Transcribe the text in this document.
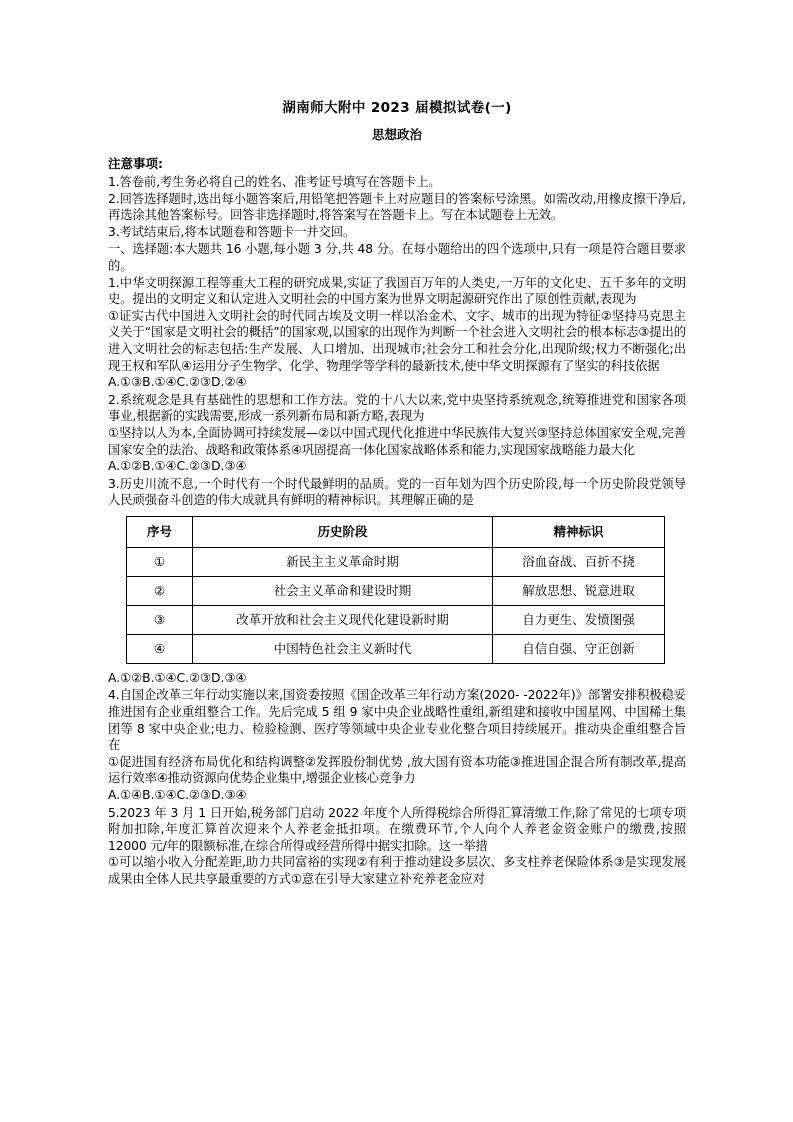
湖南师大附中 2023 届模拟试卷(一)
思想政治
注意事项:

1.答卷前,考生务必将自己的姓名、准考证号填写在答题卡上。

2.回答选择题时,选出每小题答案后,用铅笔把答题卡上对应题目的答案标号涂黑。如需改动,用橡皮擦干净后,再选涂其他答案标号。回答非选择题时,将答案写在答题卡上。写在本试题卷上无效。

3.考试结束后,将本试题卷和答题卡一并交回。

一、选择题:本大题共 16 小题,每小题 3 分,共 48 分。在每小题给出的四个选项中,只有一项是符合题目要求的。

1.中华文明探源工程等重大工程的研究成果,实证了我国百万年的人类史,一万年的文化史、五千多年的文明史。提出的文明定义和认定进入文明社会的中国方案为世界文明起源研究作出了原创性贡献,表现为

①证实古代中国进入文明社会的时代同古埃及文明一样以冶金术、文字、城市的出现为特征②坚持马克思主义关于“国家是文明社会的概括”的国家观,以国家的出现作为判断一个社会进入文明社会的根本标志③提出的进入文明社会的标志包括:生产发展、人口增加、出现城市;社会分工和社会分化,出现阶级;权力不断强化;出现王权和军队④运用分子生物学、化学、物理学等学科的最新技术,使中华文明探源有了坚实的科技依据

A.①③B.①④C.②③D.②④

2.系统观念是具有基础性的思想和工作方法。党的十八大以来,党中央坚持系统观念,统筹推进党和国家各项事业,根据新的实践需要,形成一系列新布局和新方略,表现为

①坚持以人为本,全面协调可持续发展—②以中国式现代化推进中华民族伟大复兴③坚持总体国家安全观,完善国家安全的法治、战略和政策体系④巩固提高一体化国家战略体系和能力,实现国家战略能力最大化

A.①②B.①④C.②③D.③④

3.历史川流不息,一个时代有一个时代最鲜明的品质。党的一百年划为四个历史阶段,每一个历史阶段党领导人民顽强奋斗创造的伟大成就具有鲜明的精神标识。其理解正确的是

序号	历史阶段	精神标识
①	新民主主义革命时期	浴血奋战、百折不挠
②	社会主义革命和建设时期	解放思想、锐意进取
③	改革开放和社会主义现代化建设新时期	自力更生、发愤图强
④	中国特色社会主义新时代	自信自强、守正创新

A.①②B.①④C.②③D.③④

4.自国企改革三年行动实施以来,国资委按照《国企改革三年行动方案(2020- -2022年)》部署安排积极稳妥推进国有企业重组整合工作。先后完成 5 组 9 家中央企业战略性重组,新组建和接收中国星网、中国稀土集团等 8 家中央企业;电力、检验检测、医疗等领域中央企业专业化整合项目持续展开。推动央企重组整合旨在

①促进国有经济布局优化和结构调整②发挥股份制优势 ,放大国有资本功能③推进国企混合所有制改革,提高运行效率④推动资源向优势企业集中,增强企业核心竞争力

A.①④B.①④C.②③D.③④

5.2023 年 3 月 1 日开始,税务部门启动 2022 年度个人所得税综合所得汇算清缴工作,除了常见的七项专项附加扣除,年度汇算首次迎来个人养老金抵扣项。在缴费环节,个人向个人养老金资金账户的缴费,按照 12000 元/年的限额标准,在综合所得或经营所得中据实扣除。这一举措

①可以缩小收入分配差距,助力共同富裕的实现②有利于推动建设多层次、多支柱养老保险体系③是实现发展成果由全体人民共享最重要的方式①意在引导大家建立补充养老金应对
